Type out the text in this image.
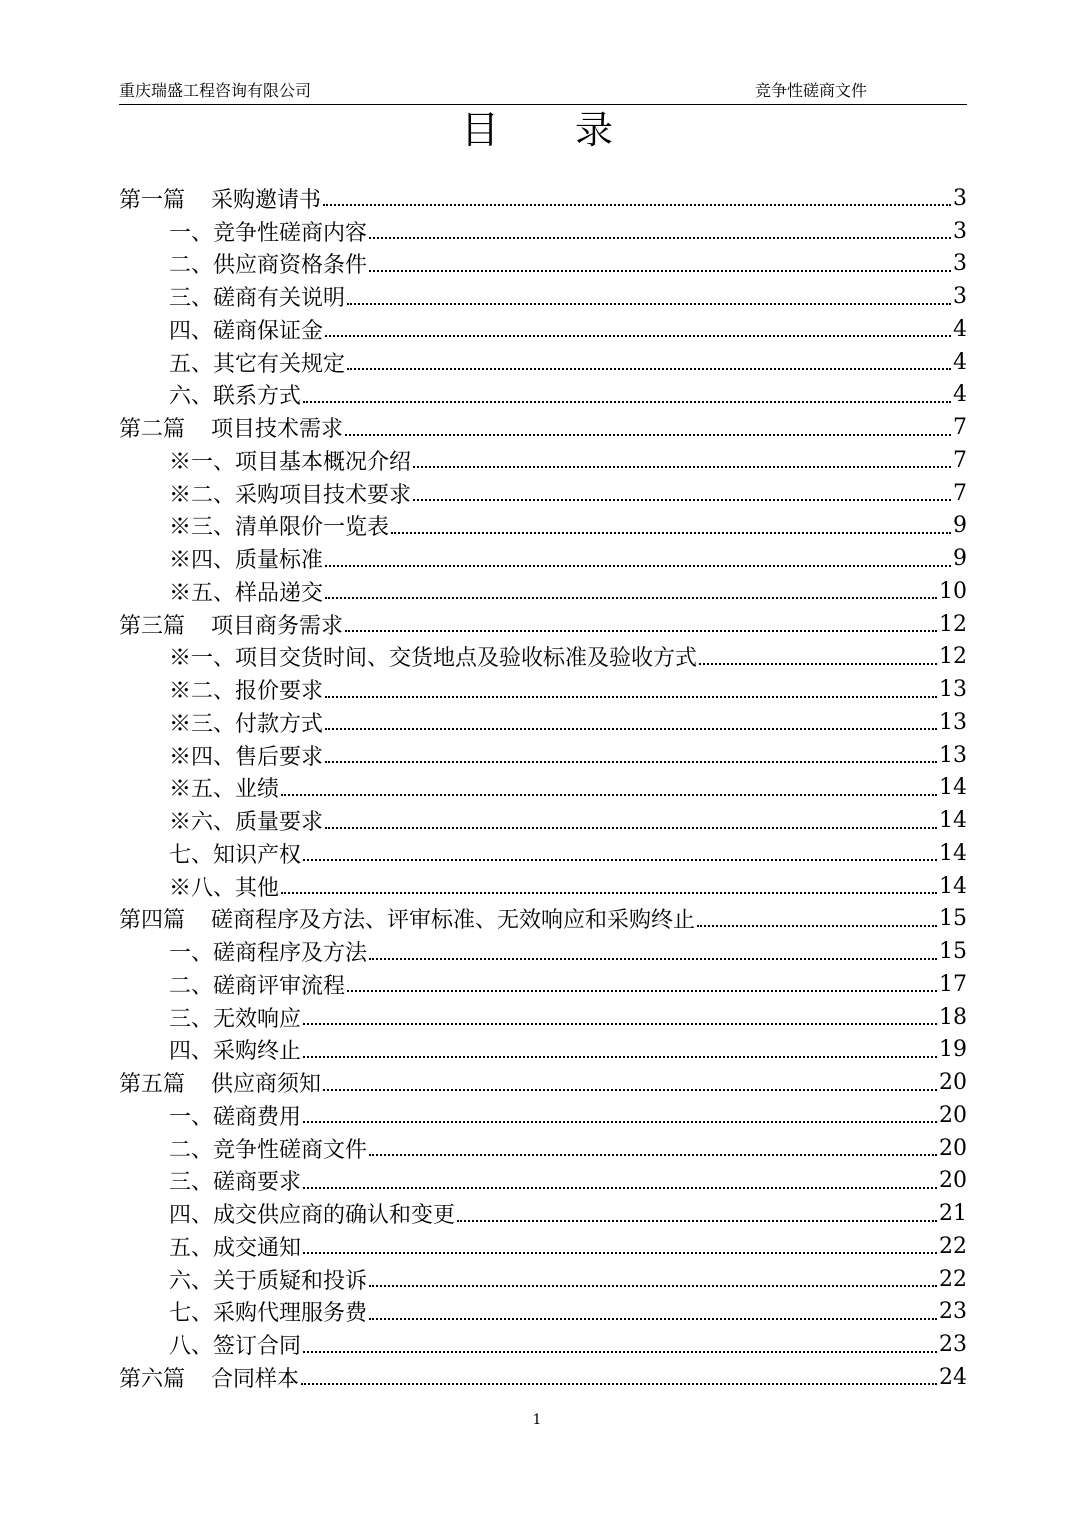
重庆瑞盛工程咨询有限公司	竞争性磋商文件
目　　录
第一篇 采购邀请书	3
一、竞争性磋商内容	3
二、供应商资格条件	3
三、磋商有关说明	3
四、磋商保证金	4
五、其它有关规定	4
六、联系方式	4
第二篇 项目技术需求	7
※一、项目基本概况介绍	7
※二、采购项目技术要求	7
※三、清单限价一览表	9
※四、质量标准	9
※五、样品递交	10
第三篇 项目商务需求	12
※一、项目交货时间、交货地点及验收标准及验收方式	12
※二、报价要求	13
※三、付款方式	13
※四、售后要求	13
※五、业绩	14
※六、质量要求	14
七、知识产权	14
※八、其他	14
第四篇 磋商程序及方法、评审标准、无效响应和采购终止	15
一、磋商程序及方法	15
二、磋商评审流程	17
三、无效响应	18
四、采购终止	19
第五篇 供应商须知	20
一、磋商费用	20
二、竞争性磋商文件	20
三、磋商要求	20
四、成交供应商的确认和变更	21
五、成交通知	22
六、关于质疑和投诉	22
七、采购代理服务费	23
八、签订合同	23
第六篇 合同样本	24
1
